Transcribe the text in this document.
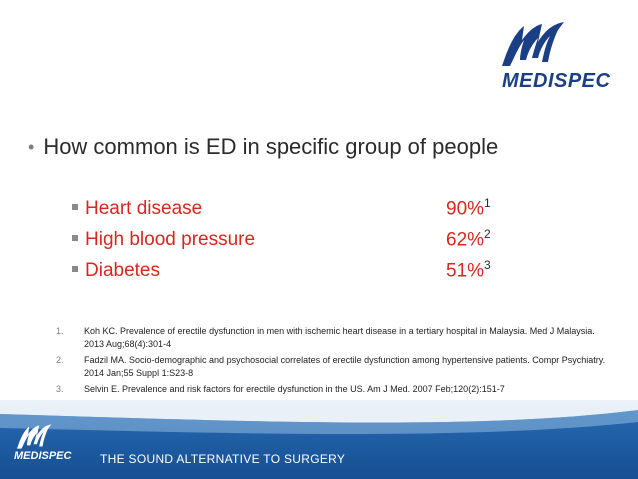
MEDISPEC
• How common is ED in specific group of people
Heart disease	90%$^1$
High blood pressure	62%$^2$
Diabetes	51%$^3$
1.	Koh KC. Prevalence of erectile dysfunction in men with ischemic heart disease in a tertiary hospital in Malaysia. Med J Malaysia. 2013 Aug;68(4):301-4
2.	Fadzil MA. Socio-demographic and psychosocial correlates of erectile dysfunction among hypertensive patients. Compr Psychiatry. 2014 Jan;55 Suppl 1:S23-8
3.	Selvin E. Prevalence and risk factors for erectile dysfunction in the US. Am J Med. 2007 Feb;120(2):151-7
MEDISPEC THE SOUND ALTERNATIVE TO SURGERY
